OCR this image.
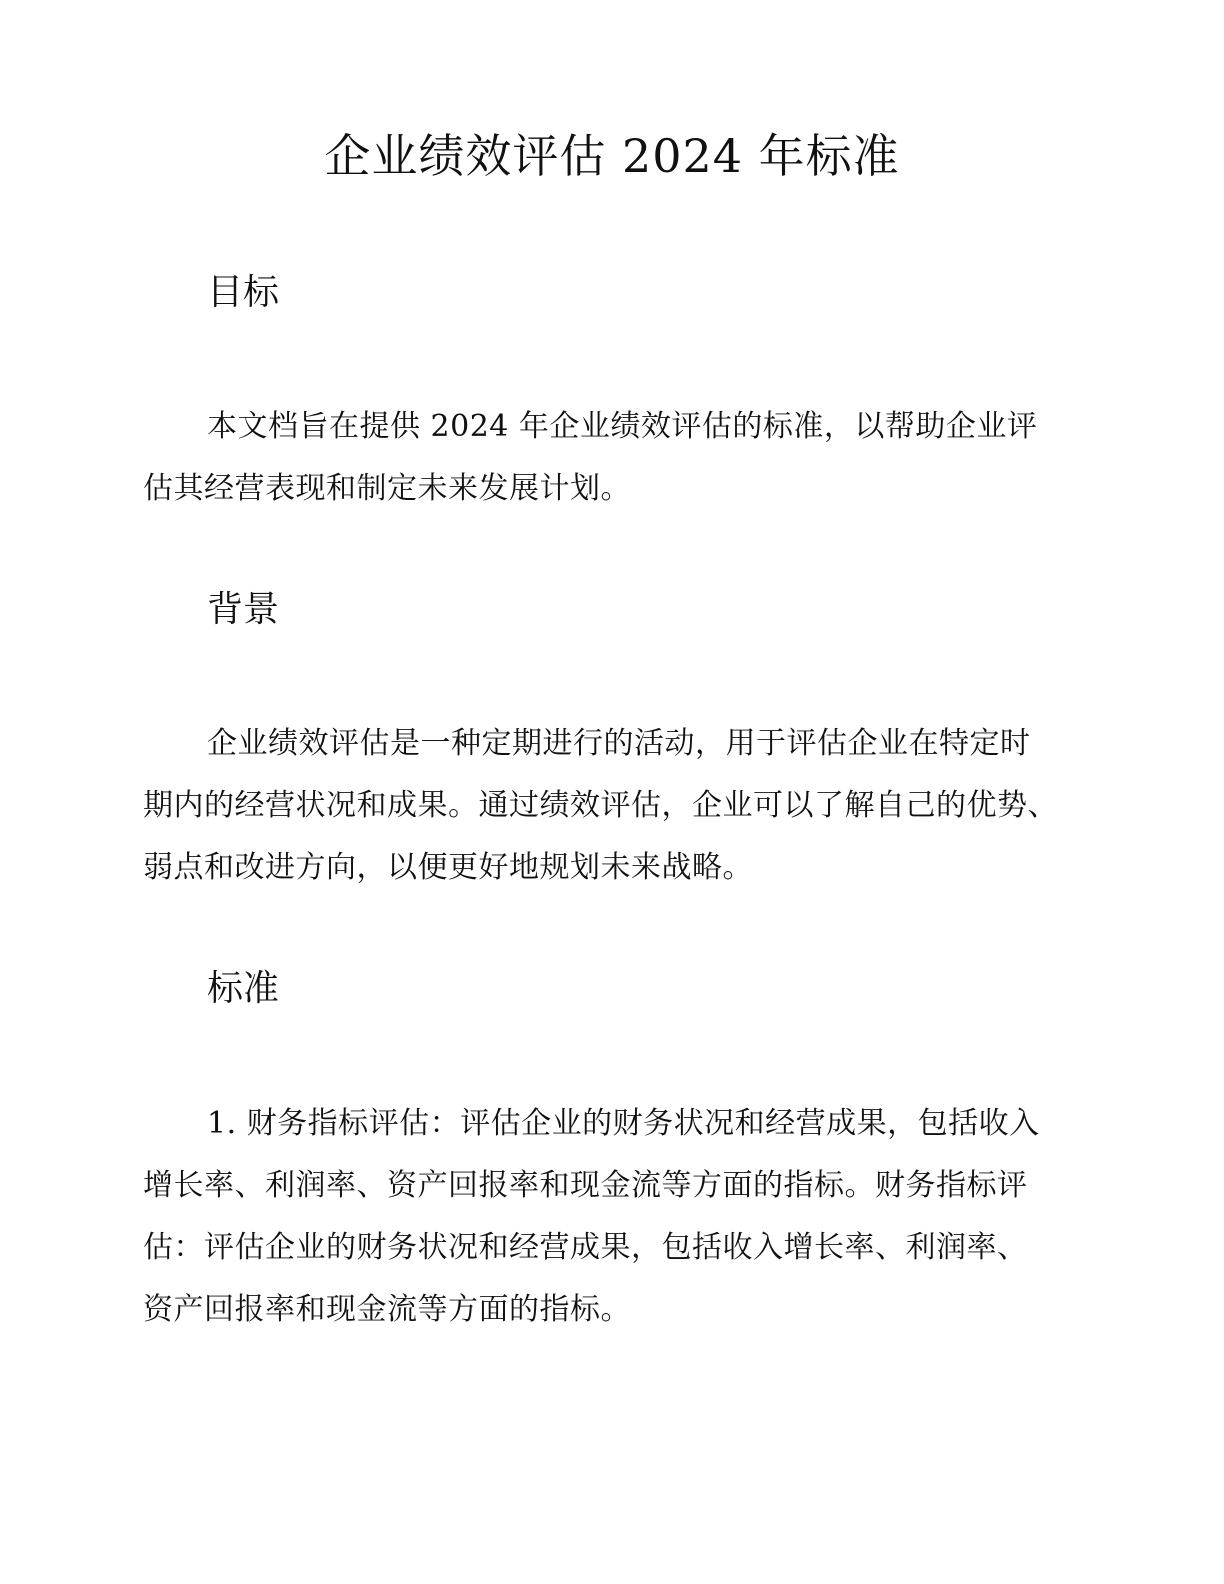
企业绩效评估 2024 年标准
目标

本文档旨在提供 2024 年企业绩效评估的标准，以帮助企业评
估其经营表现和制定未来发展计划。

背景

企业绩效评估是一种定期进行的活动，用于评估企业在特定时
期内的经营状况和成果。通过绩效评估，企业可以了解自己的优势、
弱点和改进方向，以便更好地规划未来战略。

标准

1. 财务指标评估：评估企业的财务状况和经营成果，包括收入
增长率、利润率、资产回报率和现金流等方面的指标。财务指标评
估：评估企业的财务状况和经营成果，包括收入增长率、利润率、
资产回报率和现金流等方面的指标。
